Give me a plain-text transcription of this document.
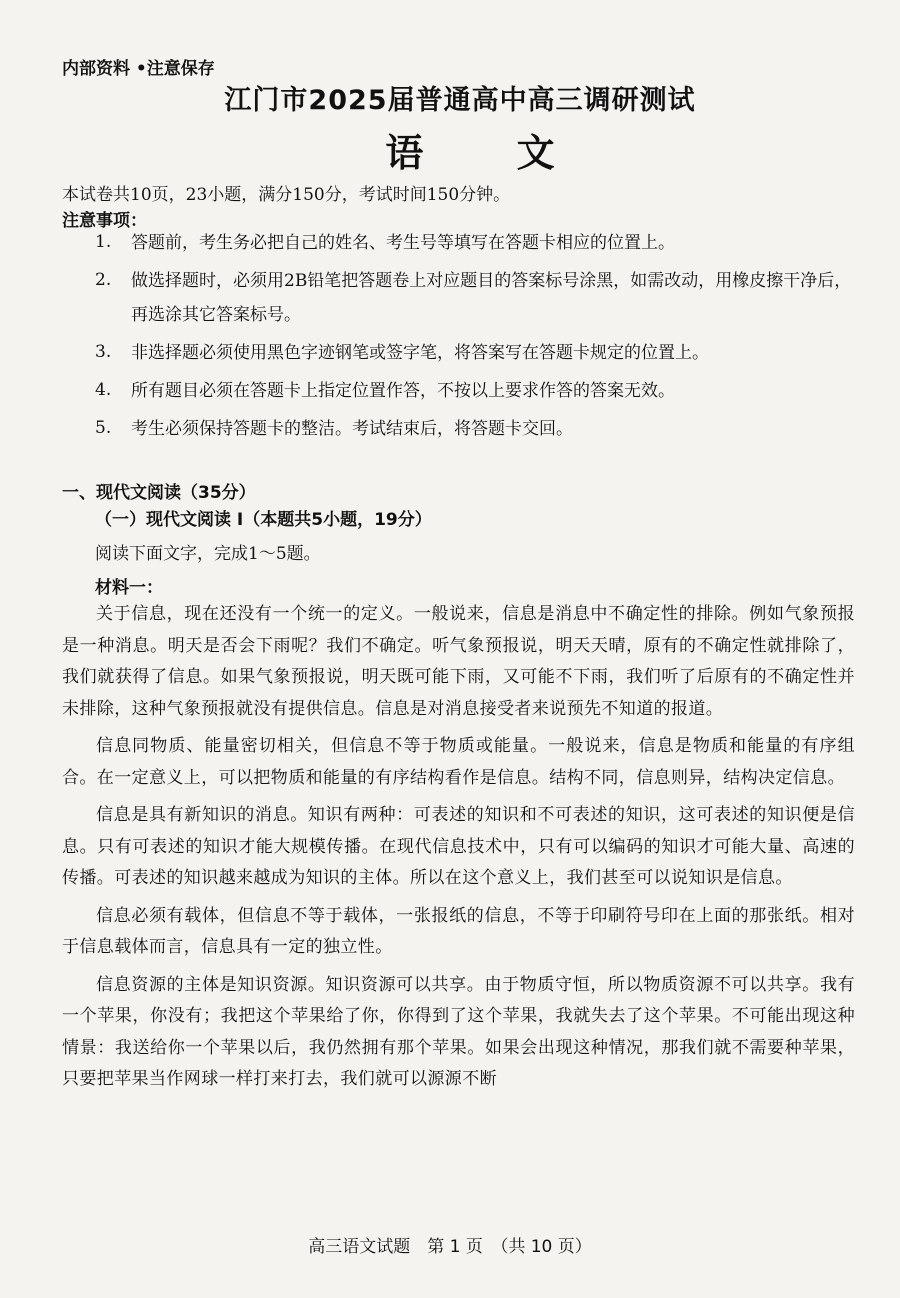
内部资料 •注意保存
江门市2025届普通高中高三调研测试
语 文
本试卷共10页，23小题，满分150分，考试时间150分钟。
注意事项：
1.	答题前，考生务必把自己的姓名、考生号等填写在答题卡相应的位置上。
2.	做选择题时，必须用2B铅笔把答题卷上对应题目的答案标号涂黑，如需改动，用橡皮擦干净后，再选涂其它答案标号。
3.	非选择题必须使用黑色字迹钢笔或签字笔，将答案写在答题卡规定的位置上。
4.	所有题目必须在答题卡上指定位置作答，不按以上要求作答的答案无效。
5.	考生必须保持答题卡的整洁。考试结束后，将答题卡交回。
一、现代文阅读（35分）
（一）现代文阅读 I（本题共5小题，19分）
阅读下面文字，完成1～5题。
材料一：

关于信息，现在还没有一个统一的定义。一般说来，信息是消息中不确定性的排除。例如气象预报是一种消息。明天是否会下雨呢？我们不确定。听气象预报说，明天天晴，原有的不确定性就排除了，我们就获得了信息。如果气象预报说，明天既可能下雨，又可能不下雨，我们听了后原有的不确定性并未排除，这种气象预报就没有提供信息。信息是对消息接受者来说预先不知道的报道。

信息同物质、能量密切相关，但信息不等于物质或能量。一般说来，信息是物质和能量的有序组合。在一定意义上，可以把物质和能量的有序结构看作是信息。结构不同，信息则异，结构决定信息。

信息是具有新知识的消息。知识有两种：可表述的知识和不可表述的知识，这可表述的知识便是信息。只有可表述的知识才能大规模传播。在现代信息技术中，只有可以编码的知识才可能大量、高速的传播。可表述的知识越来越成为知识的主体。所以在这个意义上，我们甚至可以说知识是信息。

信息必须有载体，但信息不等于载体，一张报纸的信息，不等于印刷符号印在上面的那张纸。相对于信息载体而言，信息具有一定的独立性。

信息资源的主体是知识资源。知识资源可以共享。由于物质守恒，所以物质资源不可以共享。我有一个苹果，你没有；我把这个苹果给了你，你得到了这个苹果，我就失去了这个苹果。不可能出现这种情景：我送给你一个苹果以后，我仍然拥有那个苹果。如果会出现这种情况，那我们就不需要种苹果，只要把苹果当作网球一样打来打去，我们就可以源源不断

高三语文试题　第 1 页　（共 10 页）
